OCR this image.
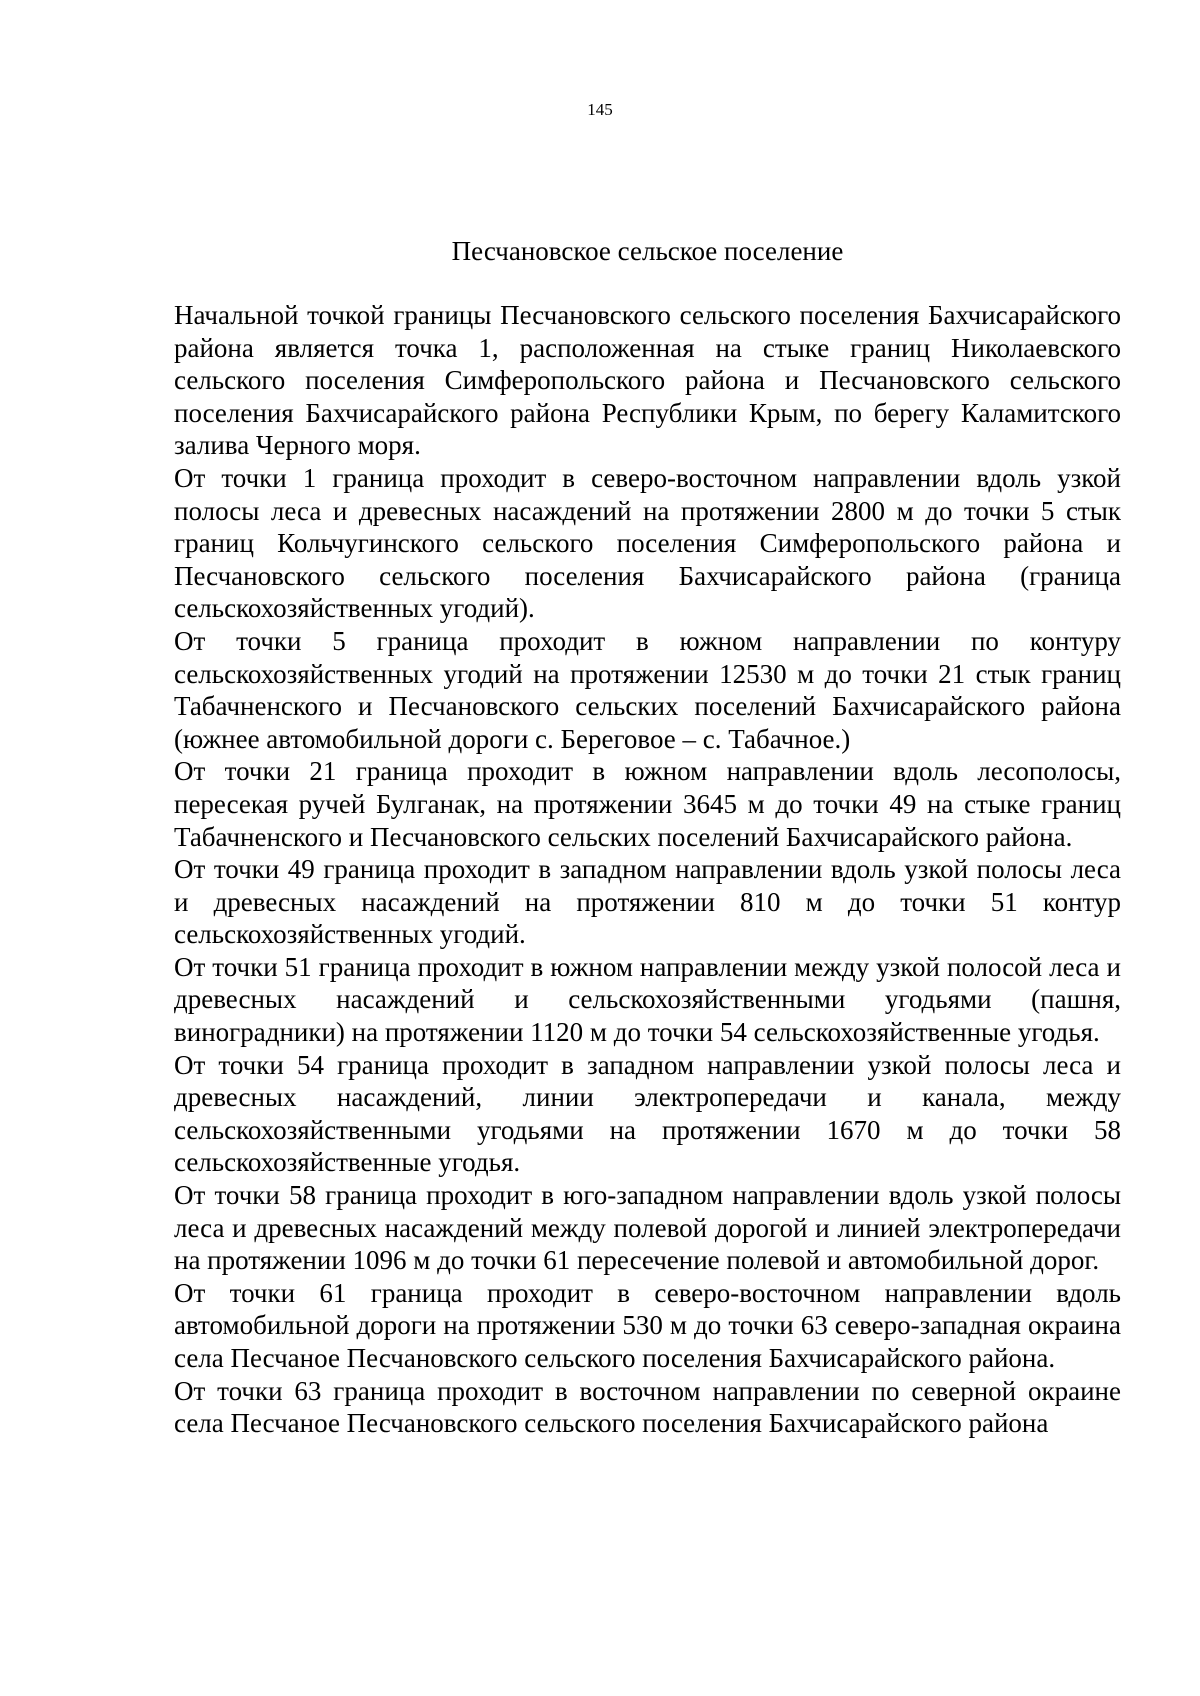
145
Песчановское сельское поселение

Начальной точкой границы Песчановского сельского поселения Бахчисарайского района является точка 1, расположенная на стыке границ Николаевского сельского поселения Симферопольского района и Песчановского сельского поселения Бахчисарайского района Республики Крым, по берегу Каламитского залива Черного моря.

От точки 1 граница проходит в северо-восточном направлении вдоль узкой полосы леса и древесных насаждений на протяжении 2800 м до точки 5 стык границ Кольчугинского сельского поселения Симферопольского района и Песчановского сельского поселения Бахчисарайского района (граница сельскохозяйственных угодий).

От точки 5 граница проходит в южном направлении по контуру сельскохозяйственных угодий на протяжении 12530 м до точки 21 стык границ Табачненского и Песчановского сельских поселений Бахчисарайского района (южнее автомобильной дороги с. Береговое – с. Табачное.)

От точки 21 граница проходит в южном направлении вдоль лесополосы, пересекая ручей Булганак, на протяжении 3645 м до точки 49 на стыке границ Табачненского и Песчановского сельских поселений Бахчисарайского района.

От точки 49 граница проходит в западном направлении вдоль узкой полосы леса и древесных насаждений на протяжении 810 м до точки 51 контур сельскохозяйственных угодий.

От точки 51 граница проходит в южном направлении между узкой полосой леса и древесных насаждений и сельскохозяйственными угодьями (пашня, виноградники) на протяжении 1120 м до точки 54 сельскохозяйственные угодья.

От точки 54 граница проходит в западном направлении узкой полосы леса и древесных насаждений, линии электропередачи и канала, между сельскохозяйственными угодьями на протяжении 1670 м до точки 58 сельскохозяйственные угодья.

От точки 58 граница проходит в юго-западном направлении вдоль узкой полосы леса и древесных насаждений между полевой дорогой и линией электропередачи на протяжении 1096 м до точки 61 пересечение полевой и автомобильной дорог.

От точки 61 граница проходит в северо-восточном направлении вдоль автомобильной дороги на протяжении 530 м до точки 63 северо-западная окраина села Песчаное Песчановского сельского поселения Бахчисарайского района.

От точки 63 граница проходит в восточном направлении по северной окраине села Песчаное Песчановского сельского поселения Бахчисарайского района
